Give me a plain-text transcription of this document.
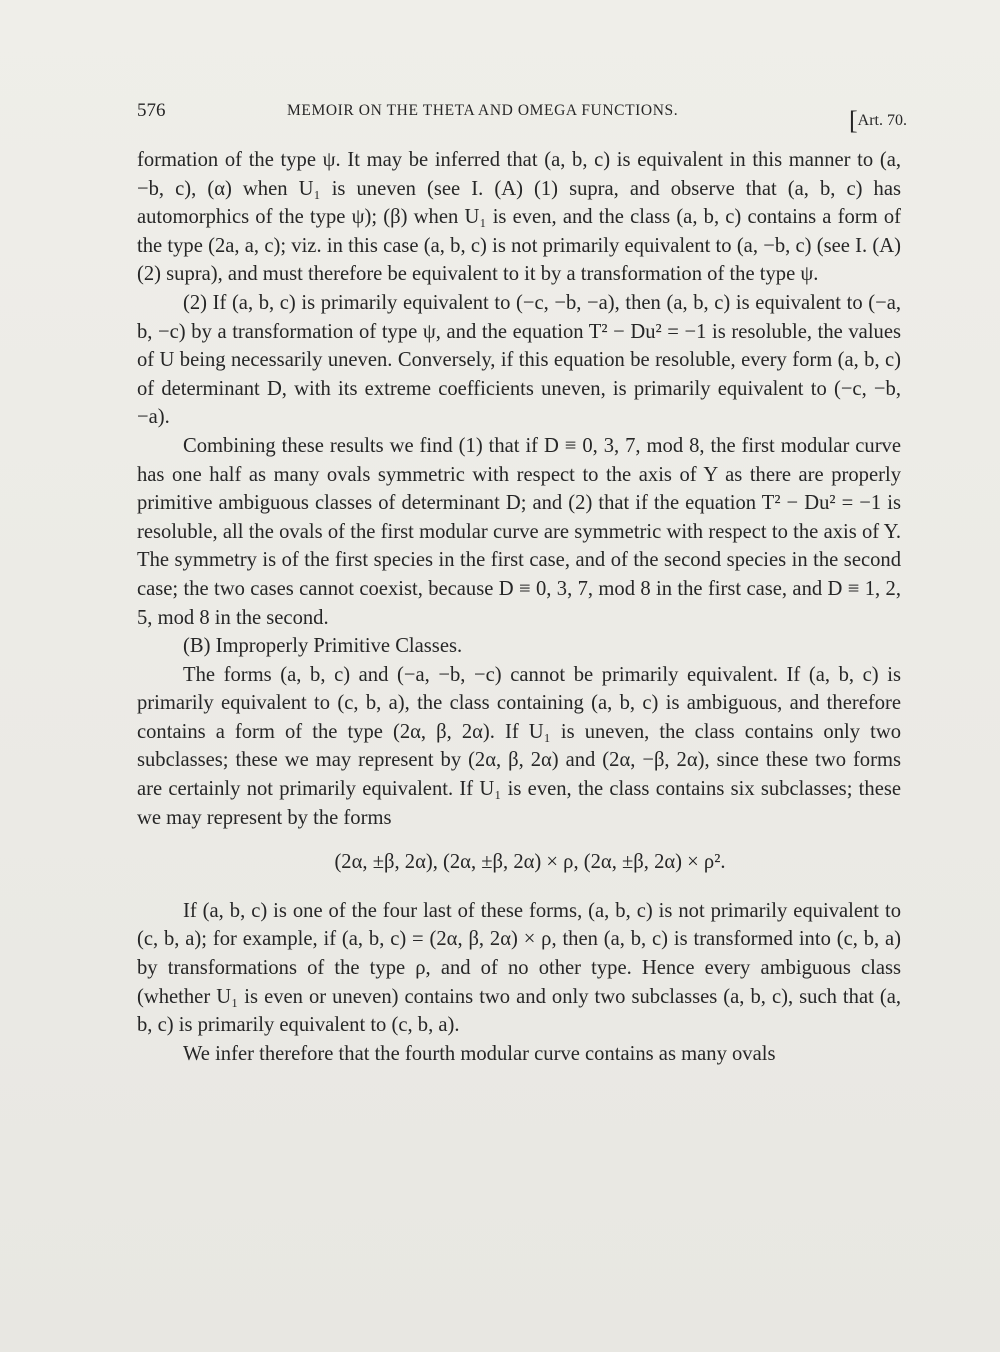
576	MEMOIR ON THE THETA AND OMEGA FUNCTIONS.	[Art. 70.

formation of the type ψ. It may be inferred that (a, b, c) is equivalent in this manner to (a, −b, c), (α) when U₁ is uneven (see I. (A) (1) supra, and observe that (a, b, c) has automorphics of the type ψ); (β) when U₁ is even, and the class (a, b, c) contains a form of the type (2a, a, c); viz. in this case (a, b, c) is not primarily equivalent to (a, −b, c) (see I. (A) (2) supra), and must therefore be equivalent to it by a transformation of the type ψ.

(2) If (a, b, c) is primarily equivalent to (−c, −b, −a), then (a, b, c) is equivalent to (−a, b, −c) by a transformation of type ψ, and the equation T² − Du² = −1 is resoluble, the values of U being necessarily uneven. Conversely, if this equation be resoluble, every form (a, b, c) of determinant D, with its extreme coefficients uneven, is primarily equivalent to (−c, −b, −a).

Combining these results we find (1) that if D ≡ 0, 3, 7, mod 8, the first modular curve has one half as many ovals symmetric with respect to the axis of Y as there are properly primitive ambiguous classes of determinant D; and (2) that if the equation T² − Du² = −1 is resoluble, all the ovals of the first modular curve are symmetric with respect to the axis of Y. The symmetry is of the first species in the first case, and of the second species in the second case; the two cases cannot coexist, because D ≡ 0, 3, 7, mod 8 in the first case, and D ≡ 1, 2, 5, mod 8 in the second.

(B) Improperly Primitive Classes.

The forms (a, b, c) and (−a, −b, −c) cannot be primarily equivalent. If (a, b, c) is primarily equivalent to (c, b, a), the class containing (a, b, c) is ambiguous, and therefore contains a form of the type (2α, β, 2α). If U₁ is uneven, the class contains only two subclasses; these we may represent by (2α, β, 2α) and (2α, −β, 2α), since these two forms are certainly not primarily equivalent. If U₁ is even, the class contains six subclasses; these we may represent by the forms

(2α, ±β, 2α), (2α, ±β, 2α) × ρ, (2α, ±β, 2α) × ρ².

If (a, b, c) is one of the four last of these forms, (a, b, c) is not primarily equivalent to (c, b, a); for example, if (a, b, c) = (2α, β, 2α) × ρ, then (a, b, c) is transformed into (c, b, a) by transformations of the type ρ, and of no other type. Hence every ambiguous class (whether U₁ is even or uneven) contains two and only two subclasses (a, b, c), such that (a, b, c) is primarily equivalent to (c, b, a).

We infer therefore that the fourth modular curve contains as many ovals
